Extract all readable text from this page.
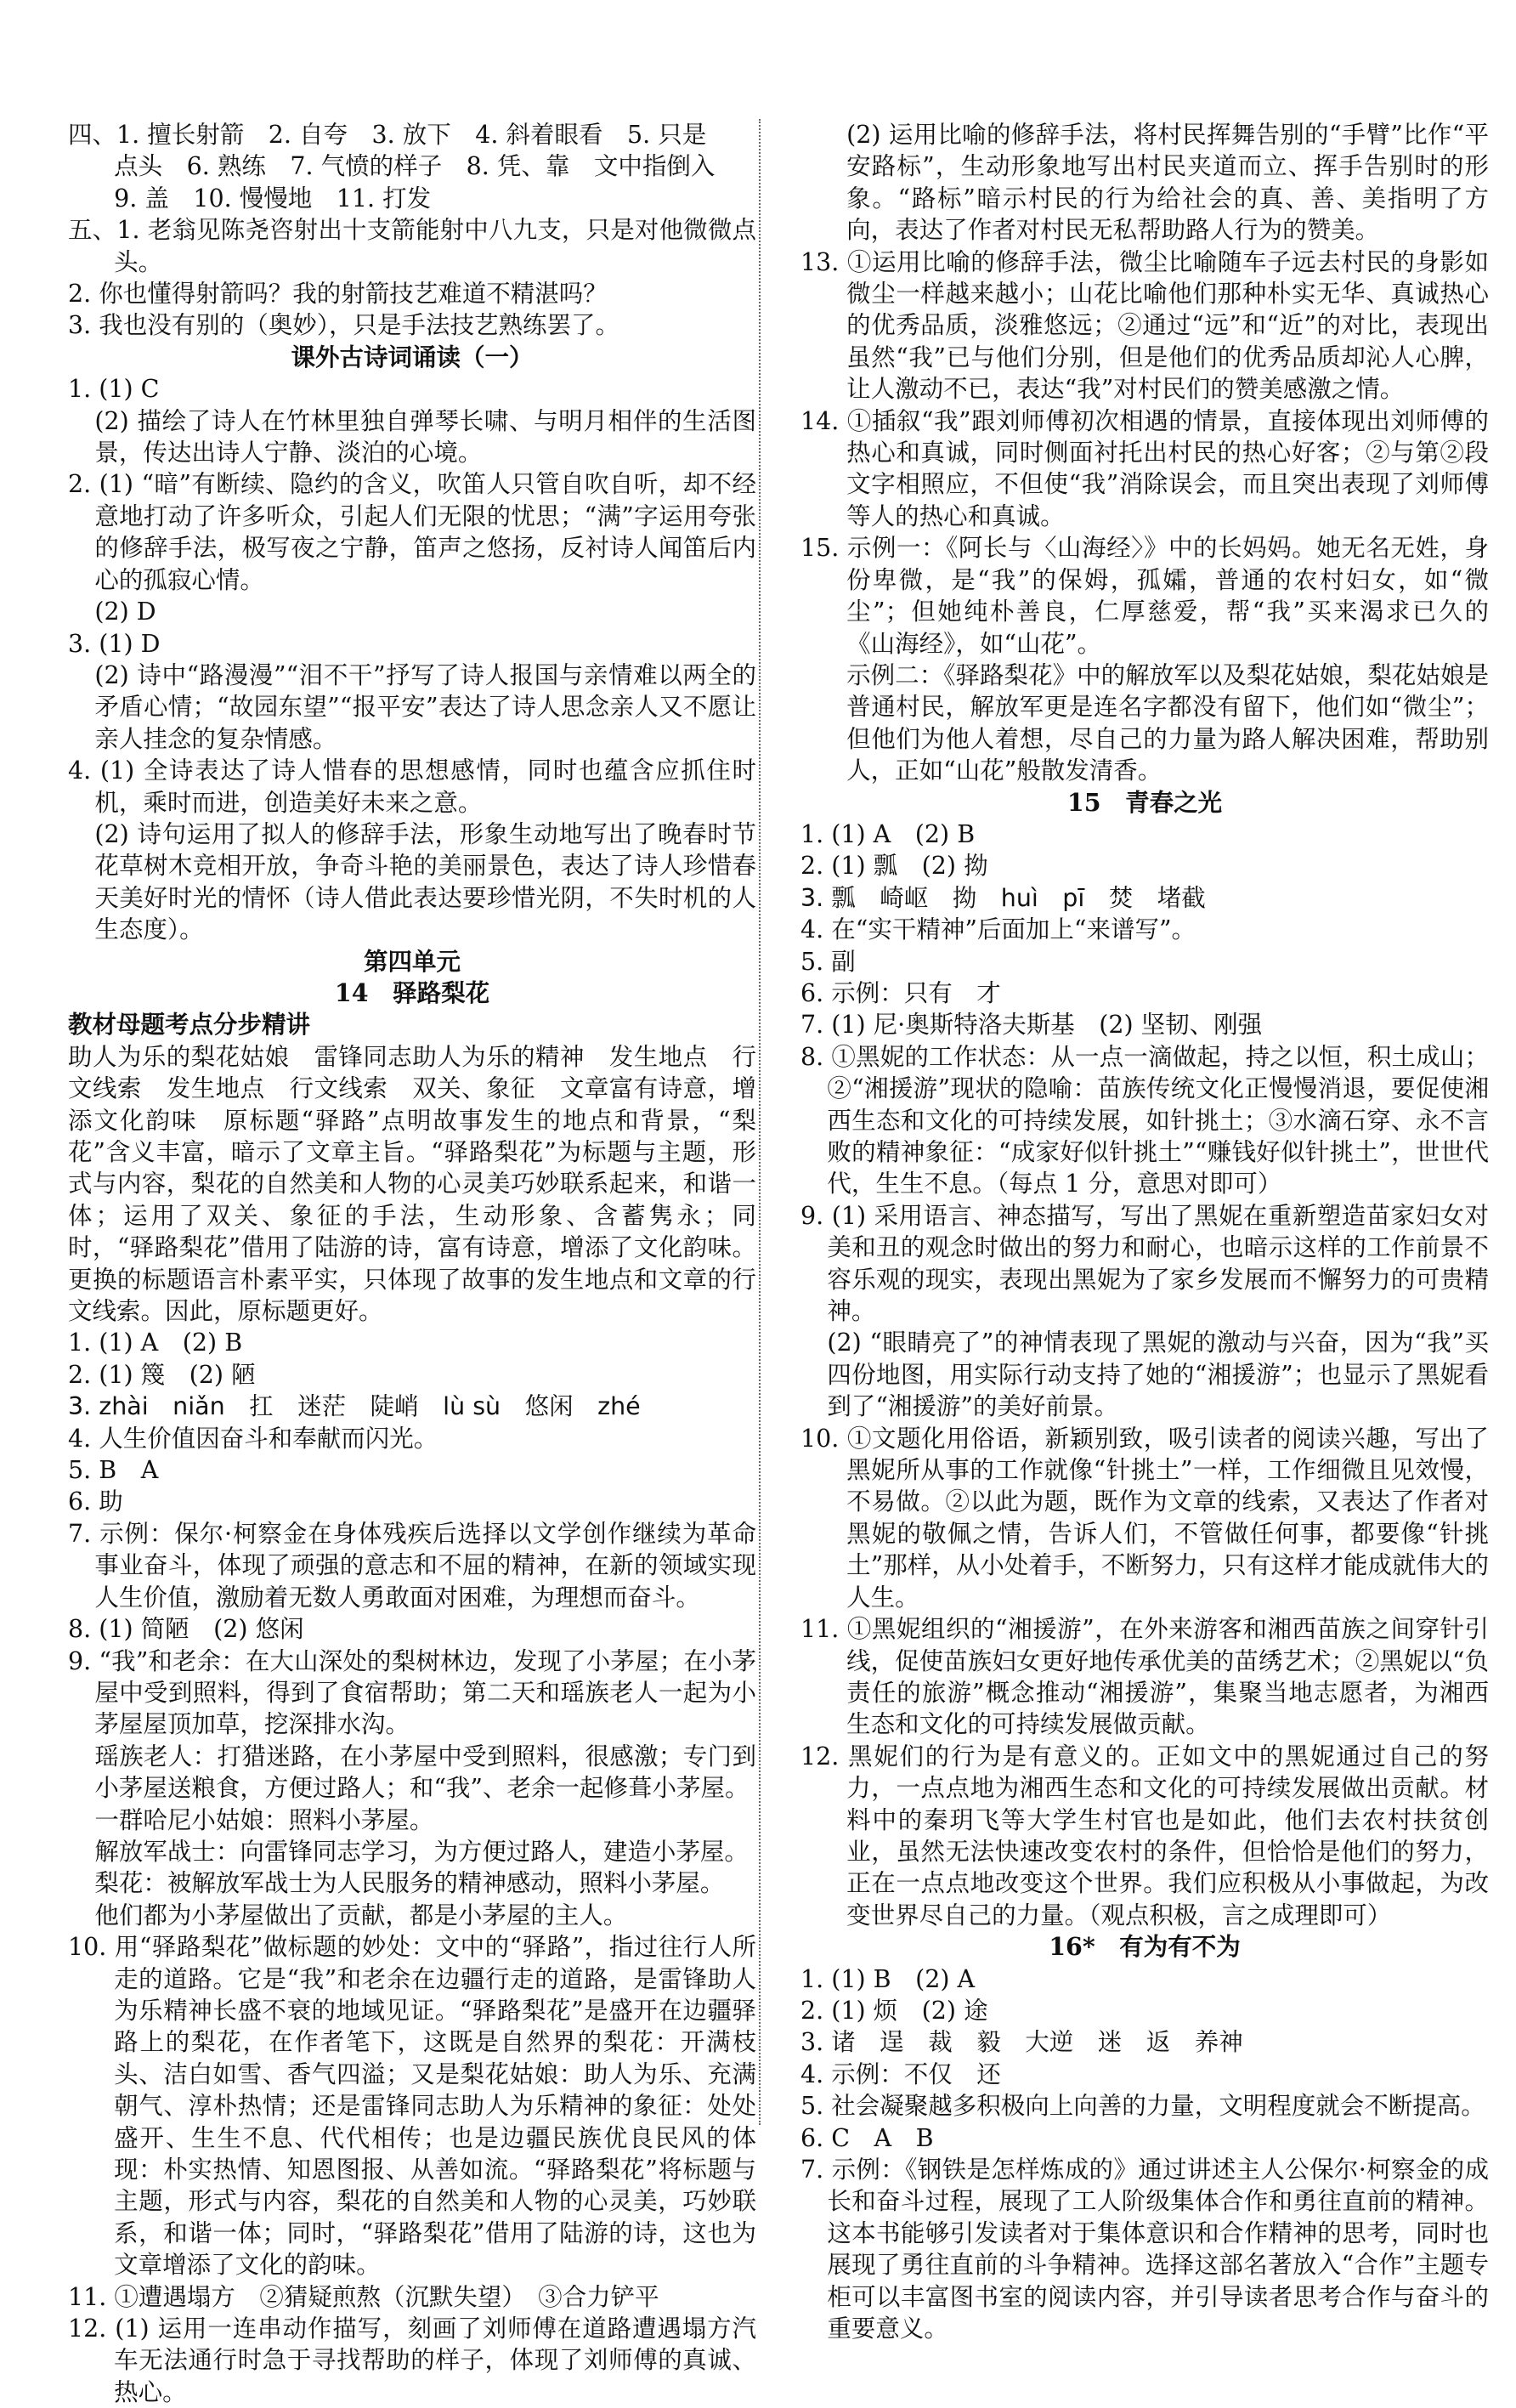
四、1. 擅长射箭　2. 自夸　3. 放下　4. 斜着眼看　5. 只是

点头　6. 熟练　7. 气愤的样子　8. 凭、靠　文中指倒入

9. 盖　10. 慢慢地　11. 打发

五、1. 老翁见陈尧咨射出十支箭能射中八九支，只是对他微微点头。

2. 你也懂得射箭吗？我的射箭技艺难道不精湛吗？

3. 我也没有别的（奥妙），只是手法技艺熟练罢了。

课外古诗词诵读（一）

1. (1) C

(2) 描绘了诗人在竹林里独自弹琴长啸、与明月相伴的生活图景，传达出诗人宁静、淡泊的心境。

2. (1) “暗”有断续、隐约的含义，吹笛人只管自吹自听，却不经意地打动了许多听众，引起人们无限的忧思；“满”字运用夸张的修辞手法，极写夜之宁静，笛声之悠扬，反衬诗人闻笛后内心的孤寂心情。

(2) D

3. (1) D

(2) 诗中“路漫漫”“泪不干”抒写了诗人报国与亲情难以两全的矛盾心情；“故园东望”“报平安”表达了诗人思念亲人又不愿让亲人挂念的复杂情感。

4. (1) 全诗表达了诗人惜春的思想感情，同时也蕴含应抓住时机，乘时而进，创造美好未来之意。

(2) 诗句运用了拟人的修辞手法，形象生动地写出了晚春时节花草树木竞相开放，争奇斗艳的美丽景色，表达了诗人珍惜春天美好时光的情怀（诗人借此表达要珍惜光阴，不失时机的人生态度）。

第四单元

14　驿路梨花

教材母题考点分步精讲

助人为乐的梨花姑娘　雷锋同志助人为乐的精神　发生地点　行文线索　发生地点　行文线索　双关、象征　文章富有诗意，增添文化韵味　原标题“驿路”点明故事发生的地点和背景，“梨花”含义丰富，暗示了文章主旨。“驿路梨花”为标题与主题，形式与内容，梨花的自然美和人物的心灵美巧妙联系起来，和谐一体；运用了双关、象征的手法，生动形象、含蓄隽永；同时，“驿路梨花”借用了陆游的诗，富有诗意，增添了文化韵味。更换的标题语言朴素平实，只体现了故事的发生地点和文章的行文线索。因此，原标题更好。

1. (1) A　(2) B

2. (1) 篾　(2) 陋

3. zhài　niǎn　扛　迷茫　陡峭　lù sù　悠闲　zhé

4. 人生价值因奋斗和奉献而闪光。

5. B　A

6. 助

7. 示例：保尔·柯察金在身体残疾后选择以文学创作继续为革命事业奋斗，体现了顽强的意志和不屈的精神，在新的领域实现人生价值，激励着无数人勇敢面对困难，为理想而奋斗。

8. (1) 简陋　(2) 悠闲

9. “我”和老余：在大山深处的梨树林边，发现了小茅屋；在小茅屋中受到照料，得到了食宿帮助；第二天和瑶族老人一起为小茅屋屋顶加草，挖深排水沟。

瑶族老人：打猎迷路，在小茅屋中受到照料，很感激；专门到小茅屋送粮食，方便过路人；和“我”、老余一起修葺小茅屋。

一群哈尼小姑娘：照料小茅屋。

解放军战士：向雷锋同志学习，为方便过路人，建造小茅屋。

梨花：被解放军战士为人民服务的精神感动，照料小茅屋。

他们都为小茅屋做出了贡献，都是小茅屋的主人。

10. 用“驿路梨花”做标题的妙处：文中的“驿路”，指过往行人所走的道路。它是“我”和老余在边疆行走的道路，是雷锋助人为乐精神长盛不衰的地域见证。“驿路梨花”是盛开在边疆驿路上的梨花，在作者笔下，这既是自然界的梨花：开满枝头、洁白如雪、香气四溢；又是梨花姑娘：助人为乐、充满朝气、淳朴热情；还是雷锋同志助人为乐精神的象征：处处盛开、生生不息、代代相传；也是边疆民族优良民风的体现：朴实热情、知恩图报、从善如流。“驿路梨花”将标题与主题，形式与内容，梨花的自然美和人物的心灵美，巧妙联系，和谐一体；同时，“驿路梨花”借用了陆游的诗，这也为文章增添了文化的韵味。

11. ①遭遇塌方　②猜疑煎熬（沉默失望）　③合力铲平

12. (1) 运用一连串动作描写，刻画了刘师傅在道路遭遇塌方汽车无法通行时急于寻找帮助的样子，体现了刘师傅的真诚、热心。

(2) 运用比喻的修辞手法，将村民挥舞告别的“手臂”比作“平安路标”，生动形象地写出村民夹道而立、挥手告别时的形象。“路标”暗示村民的行为给社会的真、善、美指明了方向，表达了作者对村民无私帮助路人行为的赞美。

13. ①运用比喻的修辞手法，微尘比喻随车子远去村民的身影如微尘一样越来越小；山花比喻他们那种朴实无华、真诚热心的优秀品质，淡雅悠远；②通过“远”和“近”的对比，表现出虽然“我”已与他们分别，但是他们的优秀品质却沁人心脾，让人激动不已，表达“我”对村民们的赞美感激之情。

14. ①插叙“我”跟刘师傅初次相遇的情景，直接体现出刘师傅的热心和真诚，同时侧面衬托出村民的热心好客；②与第②段文字相照应，不但使“我”消除误会，而且突出表现了刘师傅等人的热心和真诚。

15. 示例一：《阿长与〈山海经〉》中的长妈妈。她无名无姓，身份卑微，是“我”的保姆，孤孀，普通的农村妇女，如“微尘”；但她纯朴善良，仁厚慈爱，帮“我”买来渴求已久的《山海经》，如“山花”。

示例二：《驿路梨花》中的解放军以及梨花姑娘，梨花姑娘是普通村民，解放军更是连名字都没有留下，他们如“微尘”；但他们为他人着想，尽自己的力量为路人解决困难，帮助别人，正如“山花”般散发清香。

15　青春之光

1. (1) A　(2) B

2. (1) 瓢　(2) 拗

3. 瓢　崎岖　拗　huì　pī　焚　堵截

4. 在“实干精神”后面加上“来谱写”。

5. 副

6. 示例：只有　才

7. (1) 尼·奥斯特洛夫斯基　(2) 坚韧、刚强

8. ①黑妮的工作状态：从一点一滴做起，持之以恒，积土成山；②“湘援游”现状的隐喻：苗族传统文化正慢慢消退，要促使湘西生态和文化的可持续发展，如针挑土；③水滴石穿、永不言败的精神象征：“成家好似针挑土”“赚钱好似针挑土”，世世代代，生生不息。（每点 1 分，意思对即可）

9. (1) 采用语言、神态描写，写出了黑妮在重新塑造苗家妇女对美和丑的观念时做出的努力和耐心，也暗示这样的工作前景不容乐观的现实，表现出黑妮为了家乡发展而不懈努力的可贵精神。

(2) “眼睛亮了”的神情表现了黑妮的激动与兴奋，因为“我”买四份地图，用实际行动支持了她的“湘援游”；也显示了黑妮看到了“湘援游”的美好前景。

10. ①文题化用俗语，新颖别致，吸引读者的阅读兴趣，写出了黑妮所从事的工作就像“针挑土”一样，工作细微且见效慢，不易做。②以此为题，既作为文章的线索，又表达了作者对黑妮的敬佩之情，告诉人们，不管做任何事，都要像“针挑土”那样，从小处着手，不断努力，只有这样才能成就伟大的人生。

11. ①黑妮组织的“湘援游”，在外来游客和湘西苗族之间穿针引线，促使苗族妇女更好地传承优美的苗绣艺术；②黑妮以“负责任的旅游”概念推动“湘援游”，集聚当地志愿者，为湘西生态和文化的可持续发展做贡献。

12. 黑妮们的行为是有意义的。正如文中的黑妮通过自己的努力，一点点地为湘西生态和文化的可持续发展做出贡献。材料中的秦玥飞等大学生村官也是如此，他们去农村扶贫创业，虽然无法快速改变农村的条件，但恰恰是他们的努力，正在一点点地改变这个世界。我们应积极从小事做起，为改变世界尽自己的力量。（观点积极，言之成理即可）

16*　有为有不为

1. (1) B　(2) A

2. (1) 烦　(2) 途

3. 诸　逞　裁　毅　大逆　迷　返　养神

4. 示例：不仅　还

5. 社会凝聚越多积极向上向善的力量，文明程度就会不断提高。

6. C　A　B

7. 示例：《钢铁是怎样炼成的》通过讲述主人公保尔·柯察金的成长和奋斗过程，展现了工人阶级集体合作和勇往直前的精神。这本书能够引发读者对于集体意识和合作精神的思考，同时也展现了勇往直前的斗争精神。选择这部名著放入“合作”主题专柜可以丰富图书室的阅读内容，并引导读者思考合作与奋斗的重要意义。
